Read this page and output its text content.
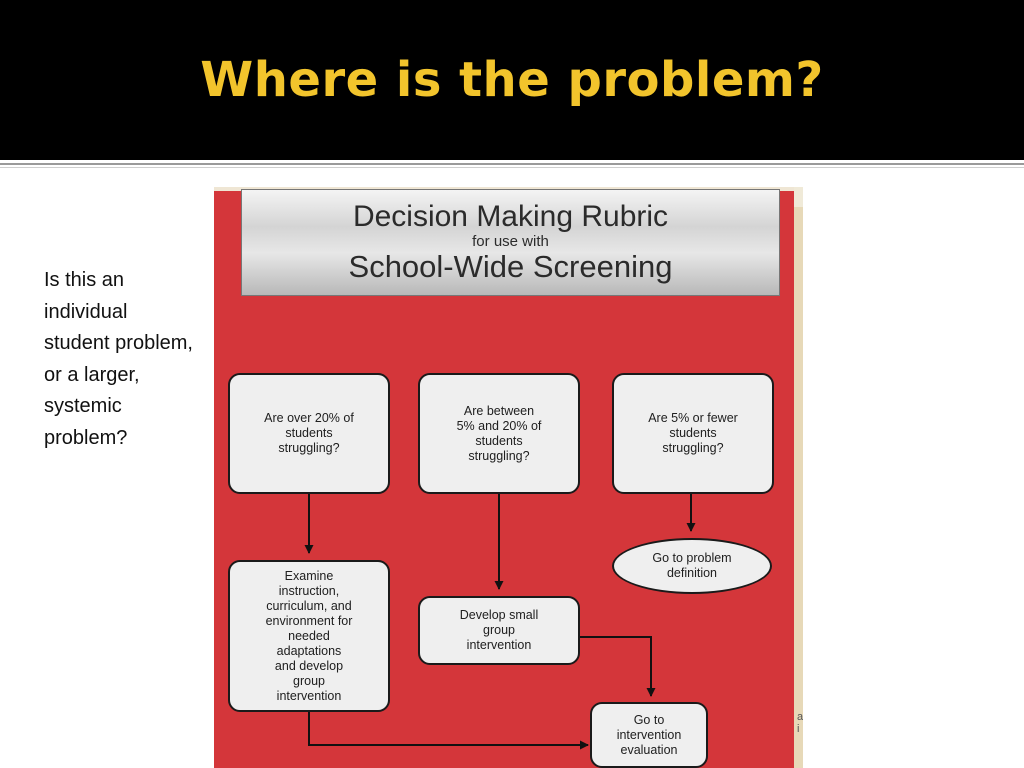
Where is the problem?
Is this an individual student problem, or a larger, systemic problem?
a
i
Decision Making Rubric
for use with
School-Wide Screening
Are over 20% of
students
struggling?
Are between
5% and 20% of
students
struggling?
Are 5% or fewer
students
struggling?
Examine
instruction,
curriculum, and
environment for
needed
adaptations
and develop
group
intervention
Develop small
group
intervention
Go to problem
definition
Go to
intervention
evaluation
